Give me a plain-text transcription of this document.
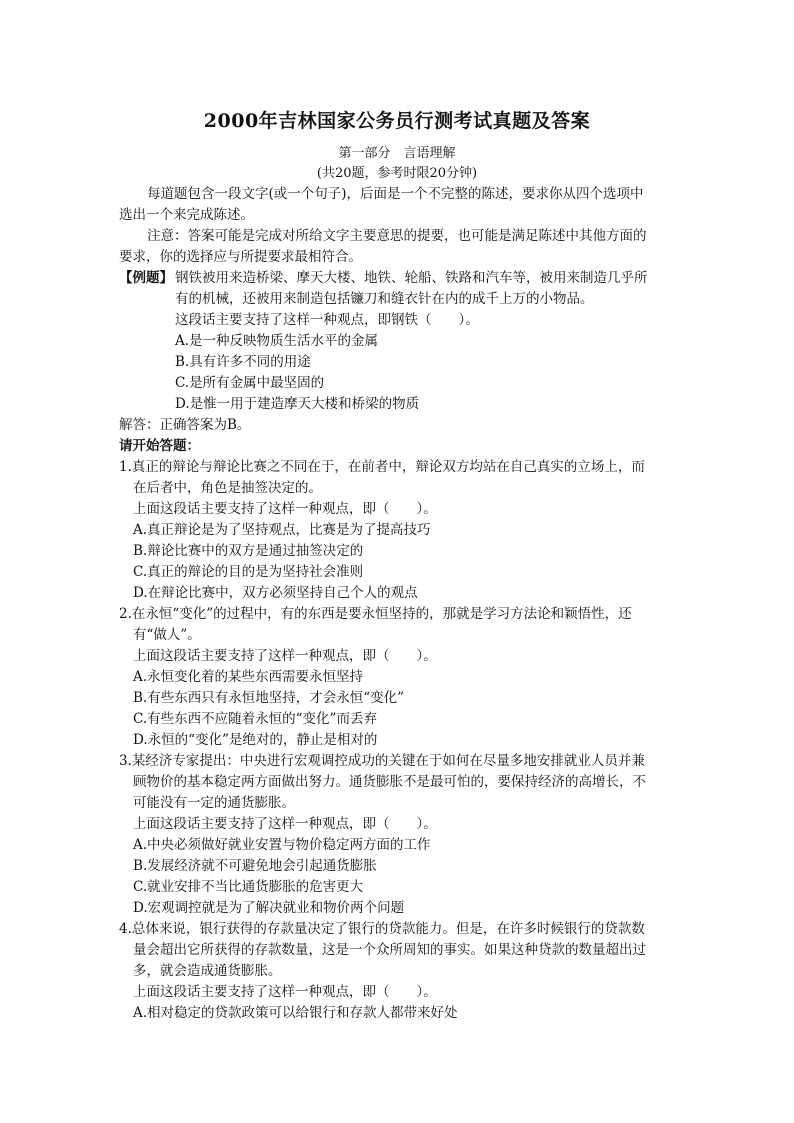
2000年吉林国家公务员行测考试真题及答案
第一部分　言语理解
(共20题，参考时限20分钟)
每道题包含一段文字(或一个句子)，后面是一个不完整的陈述，要求你从四个选项中
选出一个来完成陈述。
注意：答案可能是完成对所给文字主要意思的提要，也可能是满足陈述中其他方面的
要求，你的选择应与所提要求最相符合。
【例题】 钢铁被用来造桥梁、摩天大楼、地铁、轮船、铁路和汽车等，被用来制造几乎所
有的机械，还被用来制造包括镰刀和缝衣针在内的成千上万的小物品。
这段话主要支持了这样一种观点，即钢铁（　　）。
A.是一种反映物质生活水平的金属
B.具有许多不同的用途
C.是所有金属中最坚固的
D.是惟一用于建造摩天大楼和桥梁的物质
解答：正确答案为B。
请开始答题：
1.真正的辩论与辩论比赛之不同在于，在前者中，辩论双方均站在自己真实的立场上，而
在后者中，角色是抽签决定的。
上面这段话主要支持了这样一种观点，即（　　）。
A.真正辩论是为了坚持观点，比赛是为了提高技巧
B.辩论比赛中的双方是通过抽签决定的
C.真正的辩论的目的是为坚持社会准则
D.在辩论比赛中，双方必须坚持自己个人的观点
2.在永恒“变化”的过程中，有的东西是要永恒坚持的，那就是学习方法论和颖悟性，还
有“做人”。
上面这段话主要支持了这样一种观点，即（　　）。
A.永恒变化着的某些东西需要永恒坚持
B.有些东西只有永恒地坚持，才会永恒“变化”
C.有些东西不应随着永恒的“变化”而丢弃
D.永恒的“变化”是绝对的，静止是相对的
3.某经济专家提出：中央进行宏观调控成功的关键在于如何在尽量多地安排就业人员并兼
顾物价的基本稳定两方面做出努力。通货膨胀不是最可怕的，要保持经济的高增长，不
可能没有一定的通货膨胀。
上面这段话主要支持了这样一种观点，即（　　）。
A.中央必须做好就业安置与物价稳定两方面的工作
B.发展经济就不可避免地会引起通货膨胀
C.就业安排不当比通货膨胀的危害更大
D.宏观调控就是为了解决就业和物价两个问题
4.总体来说，银行获得的存款量决定了银行的贷款能力。但是，在许多时候银行的贷款数
量会超出它所获得的存款数量，这是一个众所周知的事实。如果这种贷款的数量超出过
多，就会造成通货膨胀。
上面这段话主要支持了这样一种观点，即（　　）。
A.相对稳定的贷款政策可以给银行和存款人都带来好处
